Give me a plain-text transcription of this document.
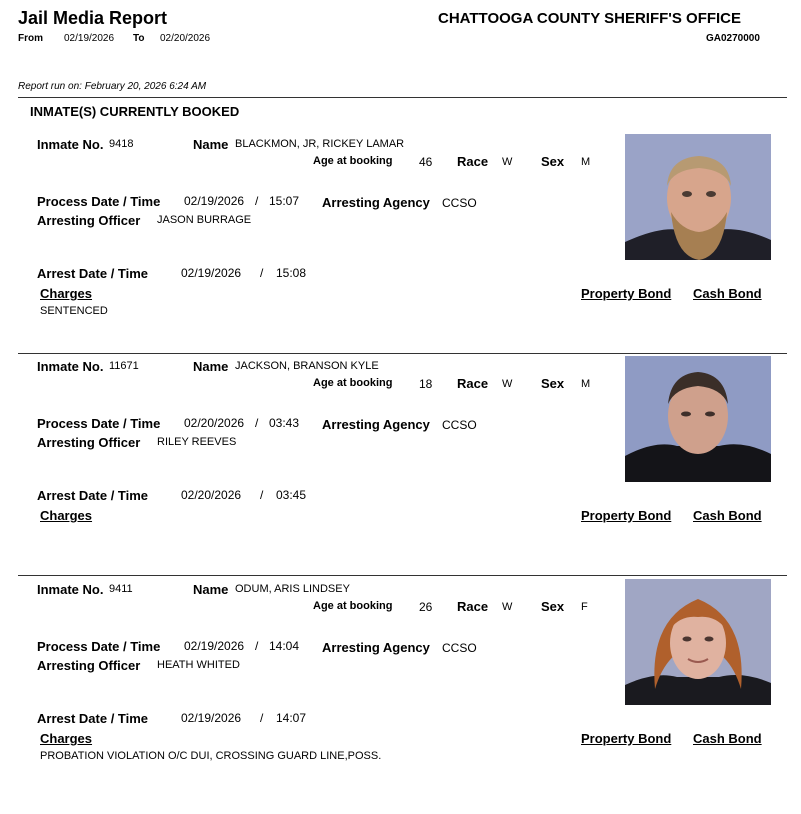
Jail Media Report	CHATTOOGA COUNTY SHERIFF'S OFFICE
GA0270000
From 02/19/2026 To 02/20/2026
Report run on: February 20, 2026 6:24 AM
INMATE(S) CURRENTLY BOOKED
Inmate No. 9418	Name BLACKMON, JR, RICKEY LAMAR
Age at booking 46 Race W Sex M
Process Date / Time 02/19/2026 / 15:07 Arresting Agency CCSO
Arresting Officer JASON BURRAGE
Arrest Date / Time	02/19/2026 / 15:08
Charges	Property Bond Cash Bond
SENTENCED
Inmate No. 11671	Name JACKSON, BRANSON KYLE
Age at booking 18 Race W Sex M
Process Date / Time 02/20/2026 / 03:43 Arresting Agency CCSO
Arresting Officer RILEY REEVES
Arrest Date / Time	02/20/2026 / 03:45
Charges	Property Bond Cash Bond
Inmate No. 9411	Name ODUM, ARIS LINDSEY
Age at booking 26 Race W Sex F
Process Date / Time 02/19/2026 / 14:04 Arresting Agency CCSO
Arresting Officer HEATH WHITED
Arrest Date / Time	02/19/2026 / 14:07
Charges	Property Bond Cash Bond
PROBATION VIOLATION O/C DUI, CROSSING GUARD LINE,POSS.
